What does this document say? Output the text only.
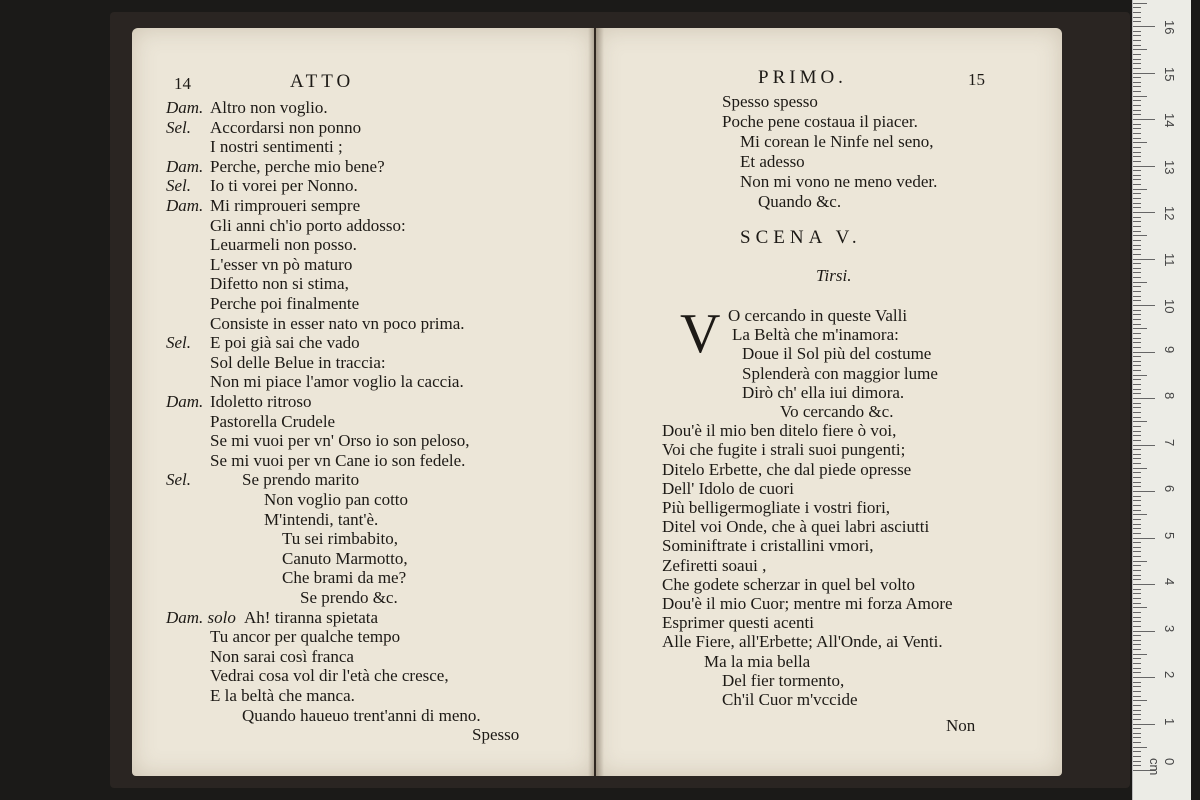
14	ATTO
Dam. Altro non voglio.
Sel. Accordarsi non ponno
I nostri sentimenti ;
Dam. Perche, perche mio bene?
Sel. Io ti vorei per Nonno.
Dam. Mi rimproueri sempre
Gli anni ch'io porto addosso:
Leuarmeli non posso.
L'esser vn pò maturo
Difetto non si stima,
Perche poi finalmente
Consiste in esser nato vn poco prima.
Sel. E poi già sai che vado
Sol delle Belue in traccia:
Non mi piace l'amor voglio la caccia.
Dam. Idoletto ritroso
Pastorella Crudele
Se mi vuoi per vn' Orso io son peloso,
Se mi vuoi per vn Cane io son fedele.
Sel.	Se prendo marito
Non voglio pan cotto
M'intendi, tant'è.
Tu sei rimbabito,
Canuto Marmotto,
Che brami da me?
Se prendo &c.
Dam. solo Ah! tiranna spietata
Tu ancor per qualche tempo
Non sarai così franca
Vedrai cosa vol dir l'età che cresce,
E la beltà che manca.
Quando haueuo trent'anni di meno.
Spesso
PRIMO.	15
Spesso spesso
Poche pene costaua il piacer.
Mi corean le Ninfe nel seno,
Et adesso
Non mi vono ne meno veder.
Quando &c.
SCENA V.
Tirsi.
V O cercando in queste Valli
La Beltà che m'inamora:
Doue il Sol più del costume
Splenderà con maggior lume
Dirò ch' ella iui dimora.
Vo cercando &c.
Dou'è il mio ben ditelo fiere ò voi,
Voi che fugite i strali suoi pungenti;
Ditelo Erbette, che dal piede opresse
Dell' Idolo de cuori
Più belligermogliate i vostri fiori,
Ditel voi Onde, che à quei labri asciutti
Sominiftrate i cristallini vmori,
Zefiretti soaui ,
Che godete scherzar in quel bel volto
Dou'è il mio Cuor; mentre mi forza Amore
Esprimer questi acenti
Alle Fiere, all'Erbette; All'Onde, ai Venti.
Ma la mia bella
Del fier tormento,
Ch'il Cuor m'vccide
Non	1
2
3
4
5
6
7
8
9
10
11
12
13
14
15
16
0 cm
